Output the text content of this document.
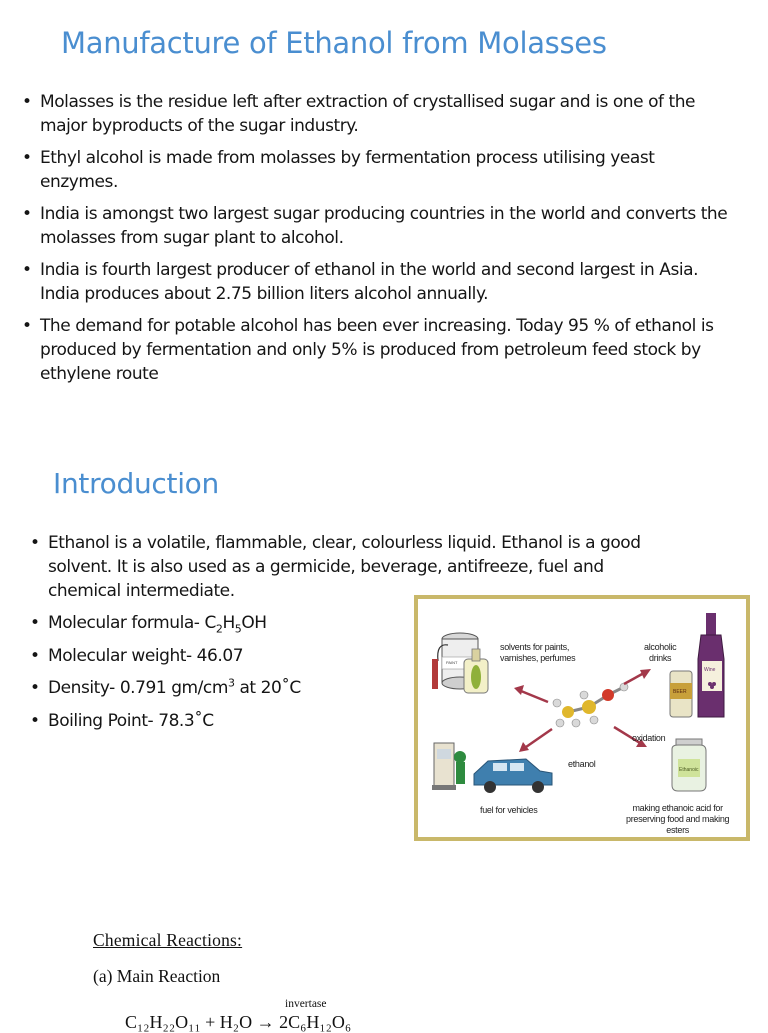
Manufacture of Ethanol from Molasses
• Molasses is the residue left after extraction of crystallised sugar and is one of the major byproducts of the sugar industry.
• Ethyl alcohol is made from molasses by fermentation process utilising yeast enzymes.
• India is amongst two largest sugar producing countries in the world and converts the molasses from sugar plant to alcohol.
• India is fourth largest producer of ethanol in the world and second largest in Asia. India produces about 2.75 billion liters alcohol annually.
• The demand for potable alcohol has been ever increasing. Today 95 % of ethanol is produced by fermentation and only 5% is produced from petroleum feed stock by ethylene route
Introduction
• Ethanol is a volatile, flammable, clear, colourless liquid. Ethanol is a good solvent. It is also used as a germicide, beverage, antifreeze, fuel and chemical intermediate.
• Molecular formula- $C_2H_5OH$
• Molecular weight- 46.07
• Density- 0.791 $gm/cm^3$ at 20˚C
• Boiling Point- 78.3˚C
PAINT
Wine
BEER
Ethanoic
solvents for paints,
varnishes, perfumes
alcoholic
drinks
oxidation
ethanol
fuel for vehicles	making ethanoic acid for
preserving food and making
esters

Chemical Reactions:

(a) Main Reaction

invertase
C₁₂H₂₂O₁₁ + H₂O → 2C₆H₁₂O₆
